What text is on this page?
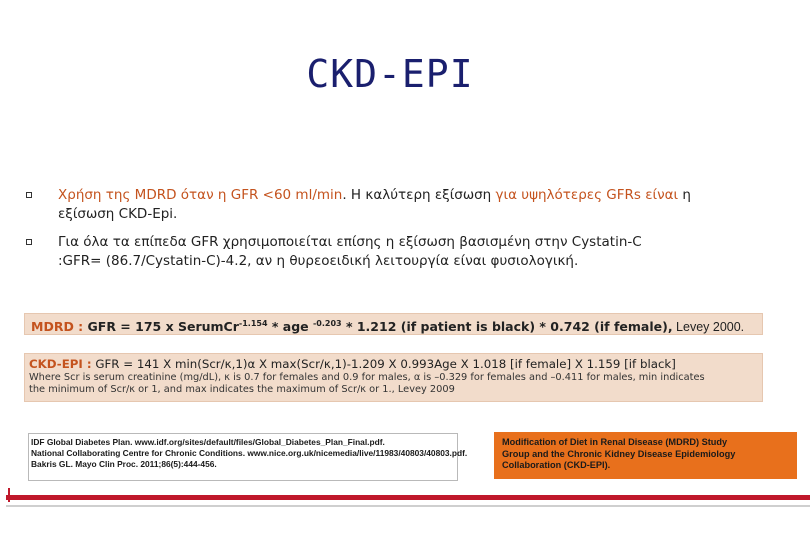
CKD-EPI
Χρήση της MDRD όταν η GFR <60 ml/min. Η καλύτερη εξίσωση για υψηλότερες GFRs είναι η
εξίσωση CKD-Epi.
Για όλα τα επίπεδα GFR χρησιμοποιείται επίσης η εξίσωση βασισμένη στην Cystatin-C
:GFR= (86.7/Cystatin-C)-4.2, αν η θυρεοειδική λειτουργία είναι φυσιολογική.
MDRD : GFR = 175 x SerumCr$^{-1.154}$ * age $^{-0.203}$ * 1.212 (if patient is black) * 0.742 (if female), Levey 2000.
CKD-EPI : GFR = 141 X min(Scr/κ,1)α X max(Scr/κ,1)-1.209 X 0.993Age X 1.018 [if female] X 1.159 [if black]
Where Scr is serum creatinine (mg/dL), κ is 0.7 for females and 0.9 for males, α is –0.329 for females and –0.411 for males, min indicates
the minimum of Scr/κ or 1, and max indicates the maximum of Scr/κ or 1., Levey 2009
IDF Global Diabetes Plan. www.idf.org/sites/default/files/Global_Diabetes_Plan_Final.pdf.
National Collaborating Centre for Chronic Conditions. www.nice.org.uk/nicemedia/live/11983/40803/40803.pdf.
Bakris GL. Mayo Clin Proc. 2011;86(5):444-456.
Modification of Diet in Renal Disease (MDRD) Study
Group and the Chronic Kidney Disease Epidemiology
Collaboration (CKD-EPI).
